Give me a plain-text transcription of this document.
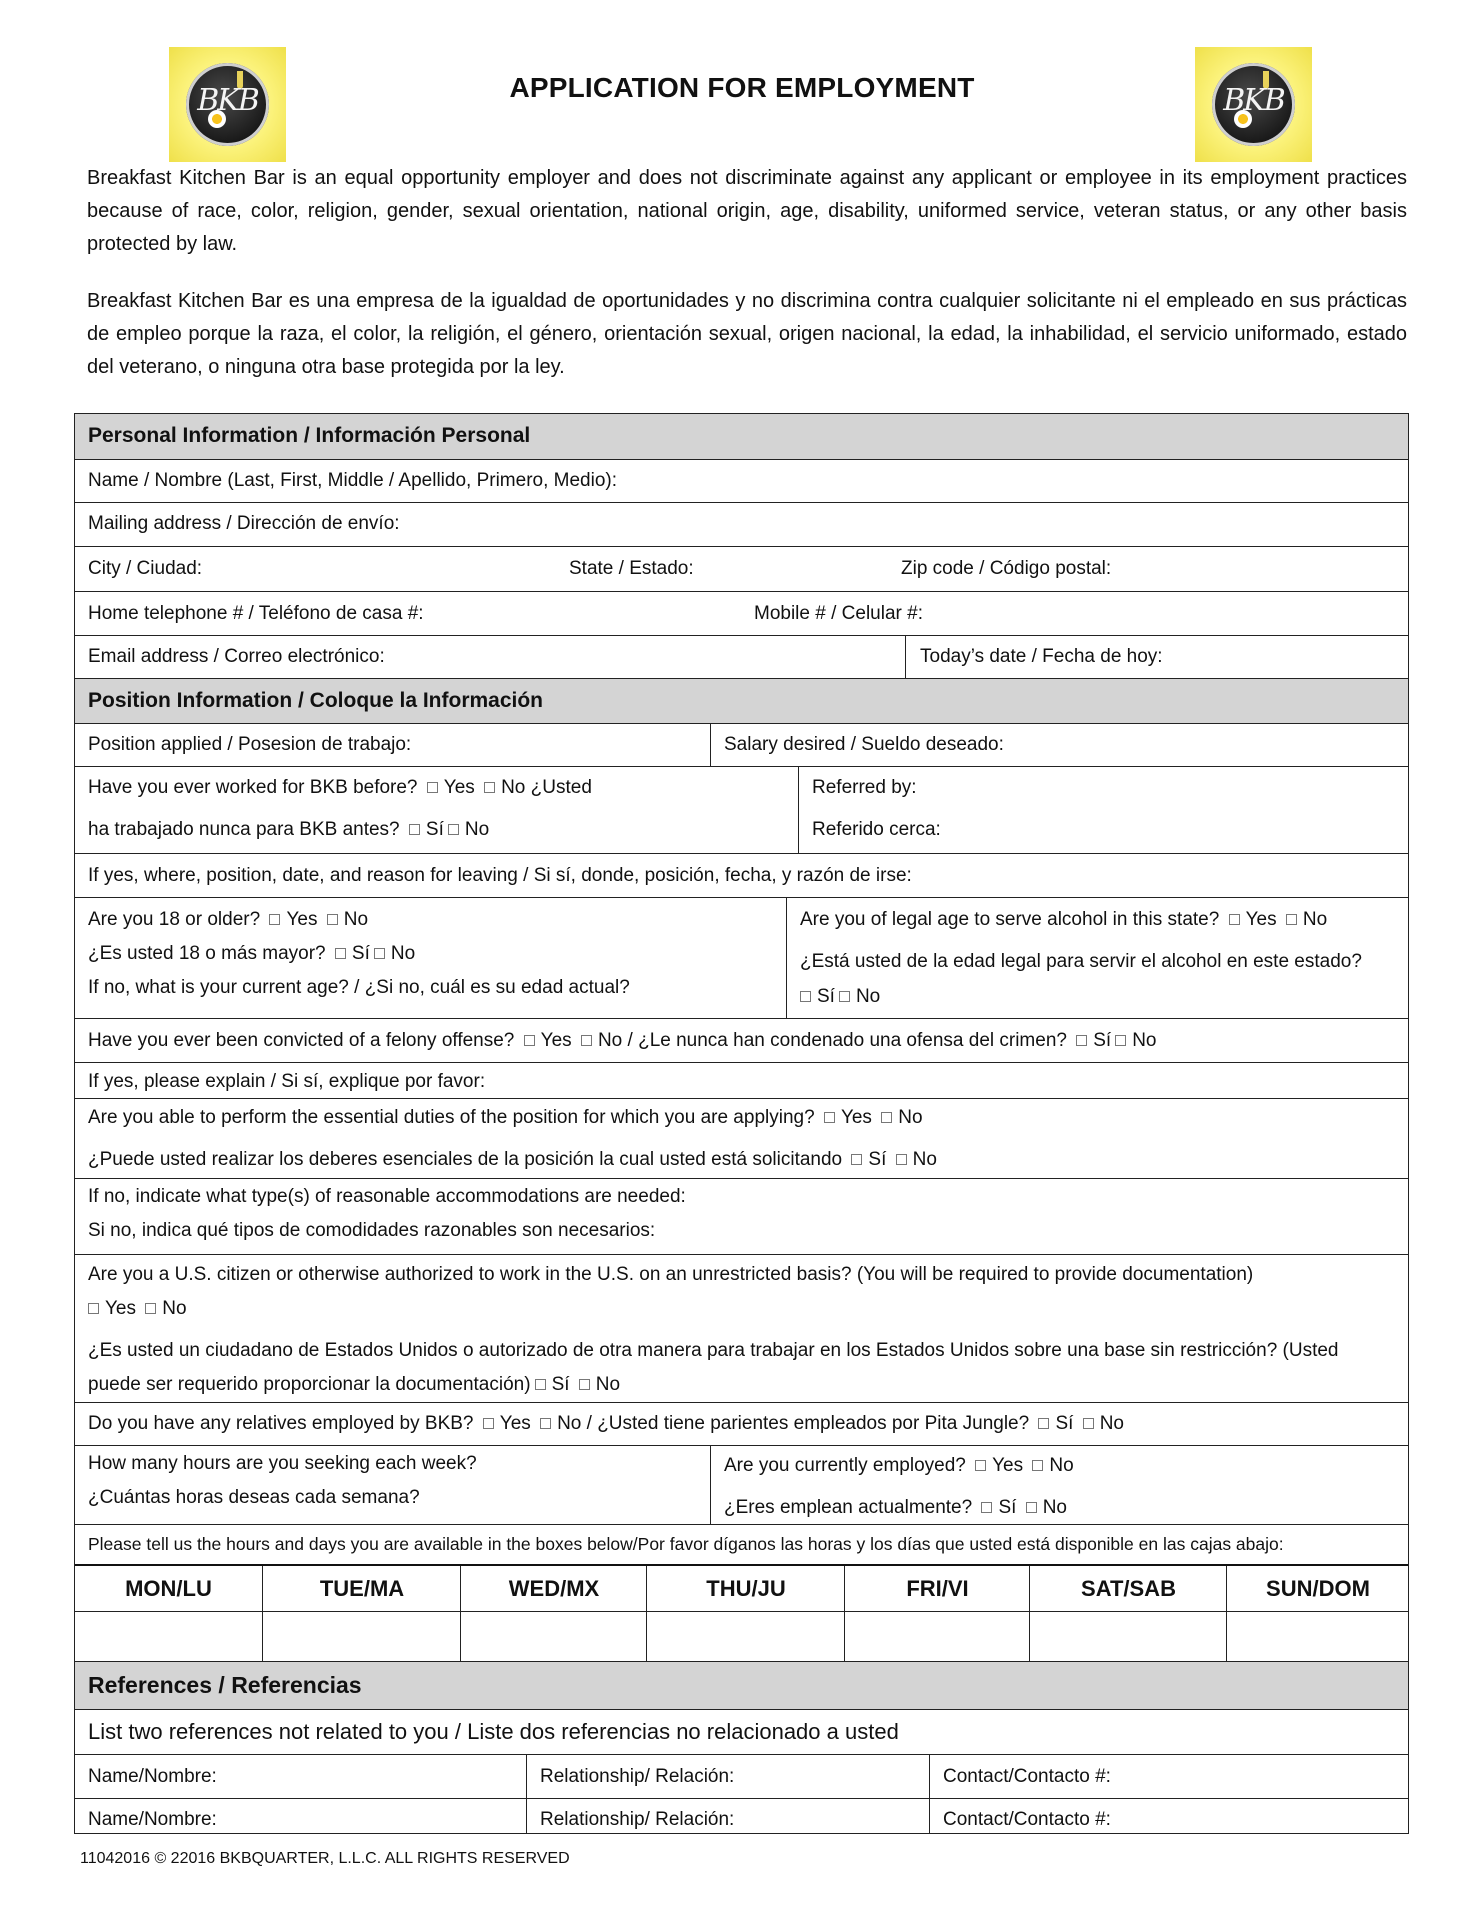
BKB	BKB
APPLICATION FOR EMPLOYMENT

Breakfast Kitchen Bar is an equal opportunity employer and does not discriminate against any applicant or employee in its employment practices because of race, color, religion, gender, sexual orientation, national origin, age, disability, uniformed service, veteran status, or any other basis protected by law.

Breakfast Kitchen Bar es una empresa de la igualdad de oportunidades y no discrimina contra cualquier solicitante ni el empleado en sus prácticas de empleo porque la raza, el color, la religión, el género, orientación sexual, origen nacional, la edad, la inhabilidad, el servicio uniformado, estado del veterano, o ninguna otra base protegida por la ley.

Personal Information / Información Personal
Name / Nombre (Last, First, Middle / Apellido, Primero, Medio):
Mailing address / Dirección de envío:
City / Ciudad:	State / Estado:	Zip code / Código postal:
Home telephone # / Teléfono de casa #:	Mobile # / Celular #:
Email address / Correo electrónico:	Today’s date / Fecha de hoy:
Position Information / Coloque la Información
Position applied / Posesion de trabajo:	Salary desired / Sueldo deseado:
Have you ever worked for BKB before? Yes No ¿Usted
ha trabajado nunca para BKB antes? Sí No
Referred by:
Referido cerca:
If yes, where, position, date, and reason for leaving / Si sí, donde, posición, fecha, y razón de irse:
Are you 18 or older? Yes No
¿Es usted 18 o más mayor? Sí No
If no, what is your current age? / ¿Si no, cuál es su edad actual?
Are you of legal age to serve alcohol in this state? Yes No
¿Está usted de la edad legal para servir el alcohol en este estado?
Sí No
Have you ever been convicted of a felony offense? Yes No / ¿Le nunca han condenado una ofensa del crimen? Sí No
If yes, please explain / Si sí, explique por favor:
Are you able to perform the essential duties of the position for which you are applying? Yes No
¿Puede usted realizar los deberes esenciales de la posición la cual usted está solicitando Sí No
If no, indicate what type(s) of reasonable accommodations are needed:
Si no, indica qué tipos de comodidades razonables son necesarios:
Are you a U.S. citizen or otherwise authorized to work in the U.S. on an unrestricted basis? (You will be required to provide documentation)
Yes No
¿Es usted un ciudadano de Estados Unidos o autorizado de otra manera para trabajar en los Estados Unidos sobre una base sin restricción? (Usted
puede ser requerido proporcionar la documentación) Sí No
Do you have any relatives employed by BKB? Yes No / ¿Usted tiene parientes empleados por Pita Jungle? Sí No
How many hours are you seeking each week?
¿Cuántas horas deseas cada semana?
Are you currently employed? Yes No
¿Eres emplean actualmente? Sí No
Please tell us the hours and days you are available in the boxes below/Por favor díganos las horas y los días que usted está disponible en las cajas abajo:
MON/LU	TUE/MA	WED/MX	THU/JU	FRI/VI	SAT/SAB	SUN/DOM
References / Referencias
List two references not related to you / Liste dos referencias no relacionado a usted
Name/Nombre:	Relationship/ Relación:	Contact/Contacto #:
Name/Nombre:	Relationship/ Relación:	Contact/Contacto #:
11042016 © 22016 BKBQUARTER, L.L.C. ALL RIGHTS RESERVED
